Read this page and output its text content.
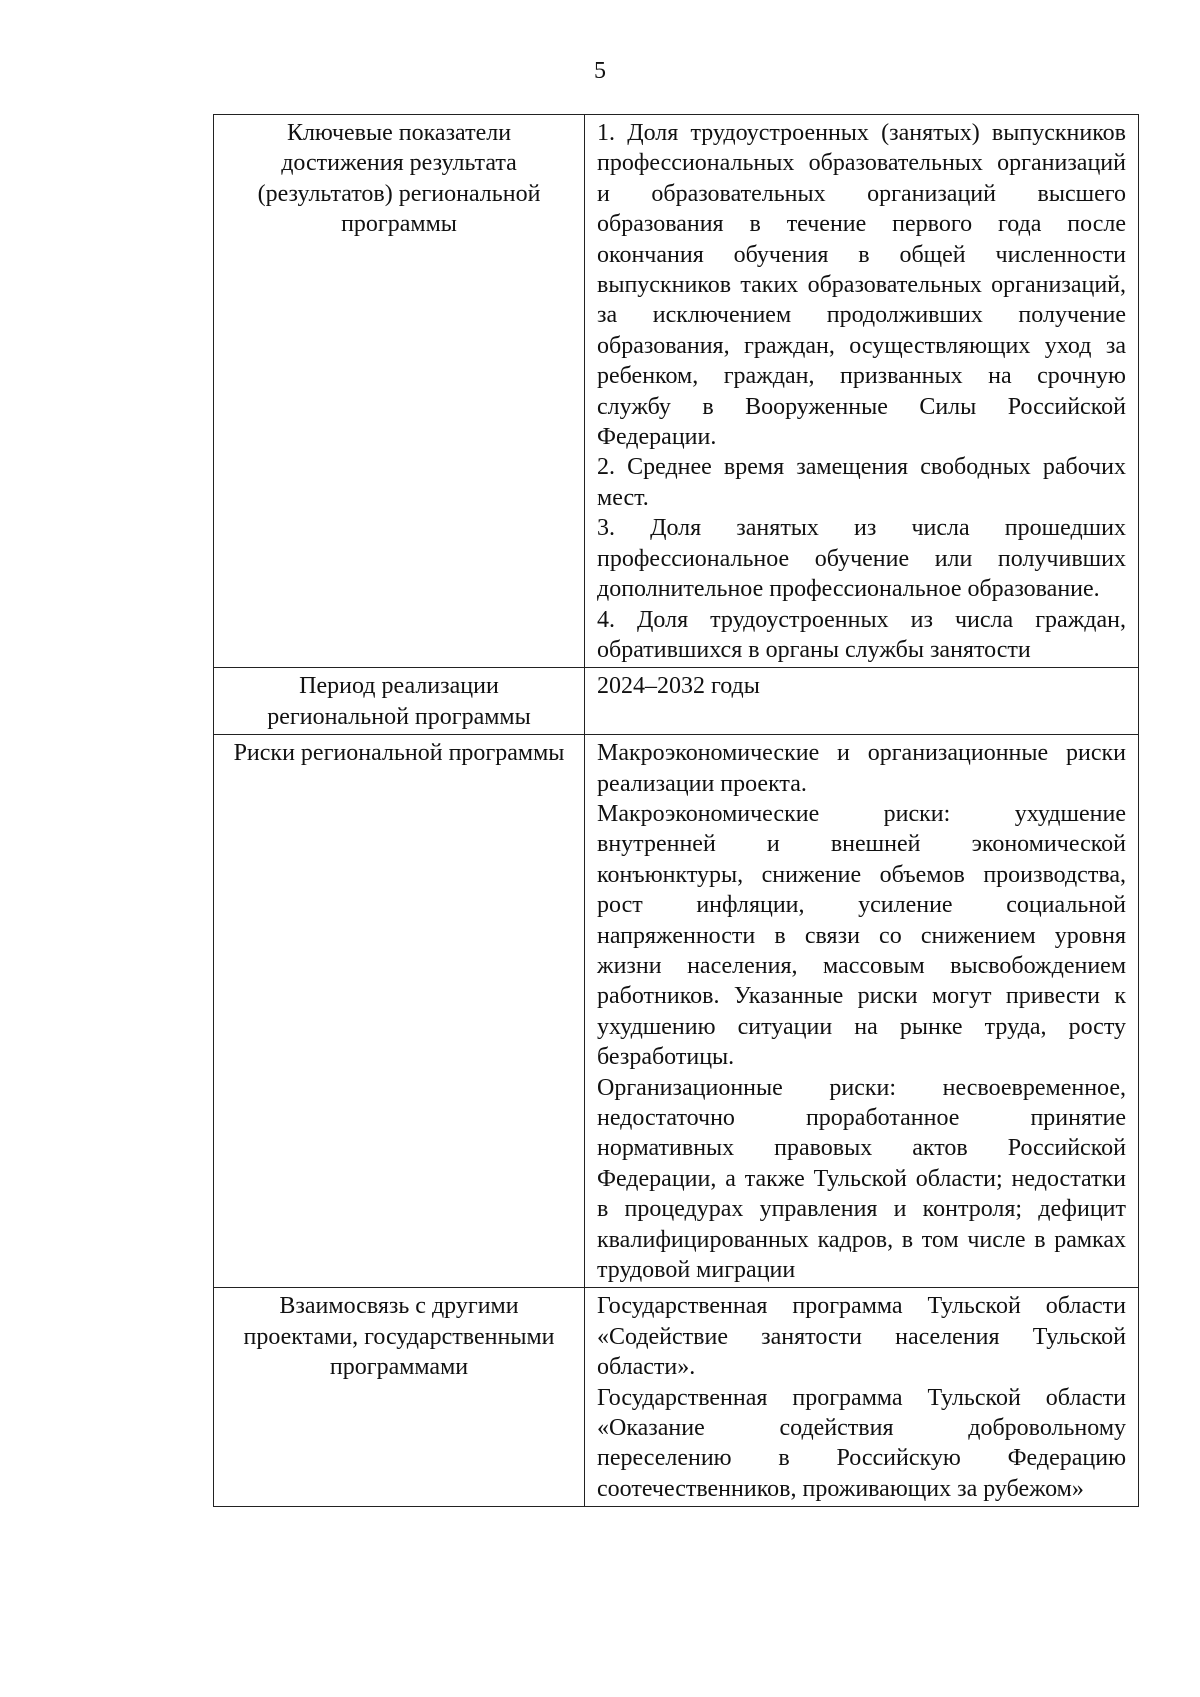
5
Ключевые показатели достижения результата (результатов) региональной программы	1. Доля трудоустроенных (занятых) выпускников профессиональных образовательных организаций и образовательных организаций высшего образования в течение первого года после окончания обучения в общей численности выпускников таких образовательных организаций, за исключением продолживших получение образования, граждан, осуществляющих уход за ребенком, граждан, призванных на срочную службу в Вооруженные Силы Российской Федерации.

2. Среднее время замещения свободных рабочих мест.

3. Доля занятых из числа прошедших профессиональное обучение или получивших дополнительное профессиональное образование.

4. Доля трудоустроенных из числа граждан, обратившихся в органы службы занятости

Период реализации региональной программы	2024–2032 годы

Риски региональной программы	Макроэкономические и организационные риски реализации проекта.

Макроэкономические риски: ухудшение внутренней и внешней экономической конъюнктуры, снижение объемов производства, рост инфляции, усиление социальной напряженности в связи со снижением уровня жизни населения, массовым высвобождением работников. Указанные риски могут привести к ухудшению ситуации на рынке труда, росту безработицы.

Организационные риски: несвоевременное, недостаточно проработанное принятие нормативных правовых актов Российской Федерации, а также Тульской области; недостатки в процедурах управления и контроля; дефицит квалифицированных кадров, в том числе в рамках трудовой миграции

Взаимосвязь с другими проектами, государственными программами	Государственная программа Тульской области «Содействие занятости населения Тульской области».

Государственная программа Тульской области «Оказание содействия добровольному переселению в Российскую Федерацию соотечественников, проживающих за рубежом»
